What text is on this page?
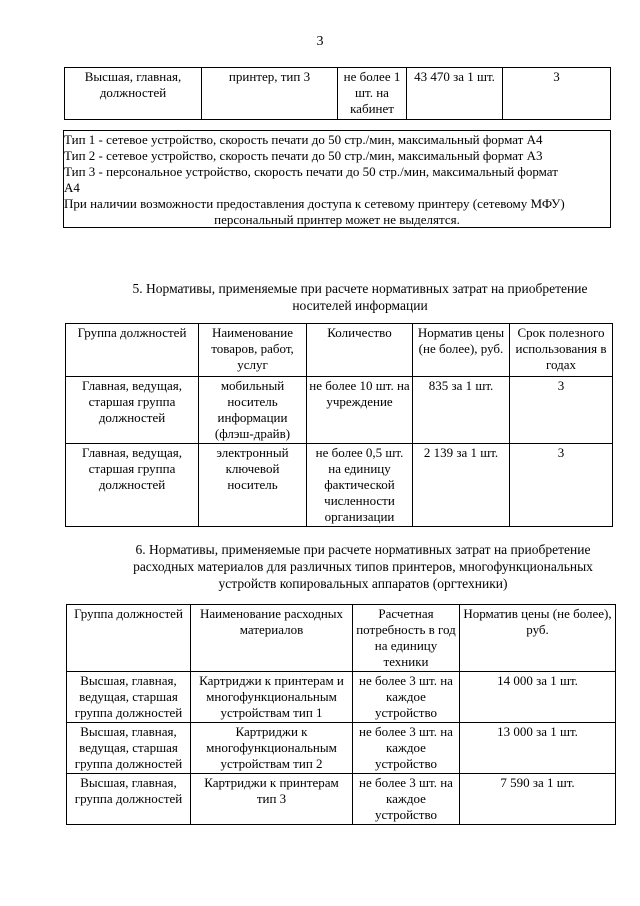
3
Высшая, главная, должностей	принтер, тип 3	не более 1 шт. на кабинет	43 470 за 1 шт.	3
Тип 1 - сетевое устройство, скорость печати до 50 стр./мин, максимальный формат А4
Тип 2 - сетевое устройство, скорость печати до 50 стр./мин, максимальный формат А3
Тип 3 - персональное устройство, скорость печати до 50 стр./мин, максимальный формат
А4
При наличии возможности предоставления доступа к сетевому принтеру (сетевому МФУ)
персональный принтер может не выделятся.
5. Нормативы, применяемые при расчете нормативных затрат на приобретение
носителей информации
Группа должностей	Наименование товаров, работ, услуг	Количество	Норматив цены (не более), руб.	Срок полезного использования в годах
Главная, ведущая, старшая группа должностей	мобильный носитель информации (флэш-драйв)	не более 10 шт. на учреждение	835 за 1 шт.	3
Главная, ведущая, старшая группа должностей	электронный ключевой носитель	не более 0,5 шт. на единицу фактической численности организации	2 139 за 1 шт.	3
6. Нормативы, применяемые при расчете нормативных затрат на приобретение
расходных материалов для различных типов принтеров, многофункциональных
устройств копировальных аппаратов (оргтехники)
Группа должностей	Наименование расходных материалов	Расчетная потребность в год на единицу техники	Норматив цены (не более), руб.
Высшая, главная, ведущая, старшая группа должностей	Картриджи к принтерам и многофункциональным устройствам тип 1	не более 3 шт. на каждое устройство	14 000 за 1 шт.
Высшая, главная, ведущая, старшая группа должностей	Картриджи к многофункциональным устройствам тип 2	не более 3 шт. на каждое устройство	13 000 за 1 шт.
Высшая, главная, группа должностей	Картриджи к принтерам тип 3	не более 3 шт. на каждое устройство	7 590 за 1 шт.
